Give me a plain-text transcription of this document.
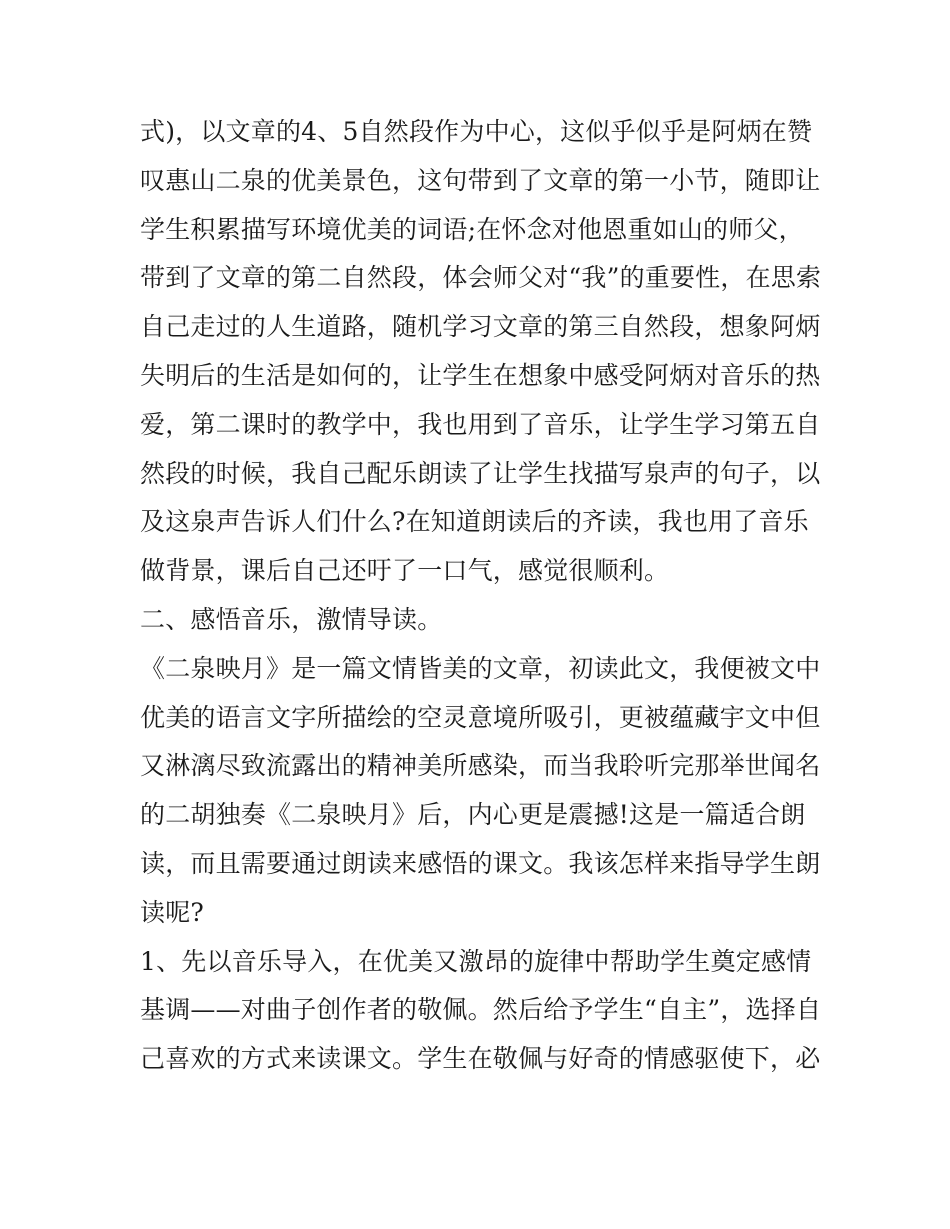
式)，以文章的4、5自然段作为中心，这似乎似乎是阿炳在赞
叹惠山二泉的优美景色，这句带到了文章的第一小节，随即让
学生积累描写环境优美的词语;在怀念对他恩重如山的师父，
带到了文章的第二自然段，体会师父对“我”的重要性，在思索
自己走过的人生道路，随机学习文章的第三自然段，想象阿炳
失明后的生活是如何的，让学生在想象中感受阿炳对音乐的热
爱，第二课时的教学中，我也用到了音乐，让学生学习第五自
然段的时候，我自己配乐朗读了让学生找描写泉声的句子，以
及这泉声告诉人们什么?在知道朗读后的齐读，我也用了音乐
做背景，课后自己还吁了一口气，感觉很顺利。
二、感悟音乐，激情导读。
《二泉映月》是一篇文情皆美的文章，初读此文，我便被文中
优美的语言文字所描绘的空灵意境所吸引，更被蕴藏宇文中但
又淋漓尽致流露出的精神美所感染，而当我聆听完那举世闻名
的二胡独奏《二泉映月》后，内心更是震撼!这是一篇适合朗
读，而且需要通过朗读来感悟的课文。我该怎样来指导学生朗
读呢?
1、先以音乐导入，在优美又激昂的旋律中帮助学生奠定感情
基调——对曲子创作者的敬佩。然后给予学生“自主”，选择自
己喜欢的方式来读课文。学生在敬佩与好奇的情感驱使下，必
